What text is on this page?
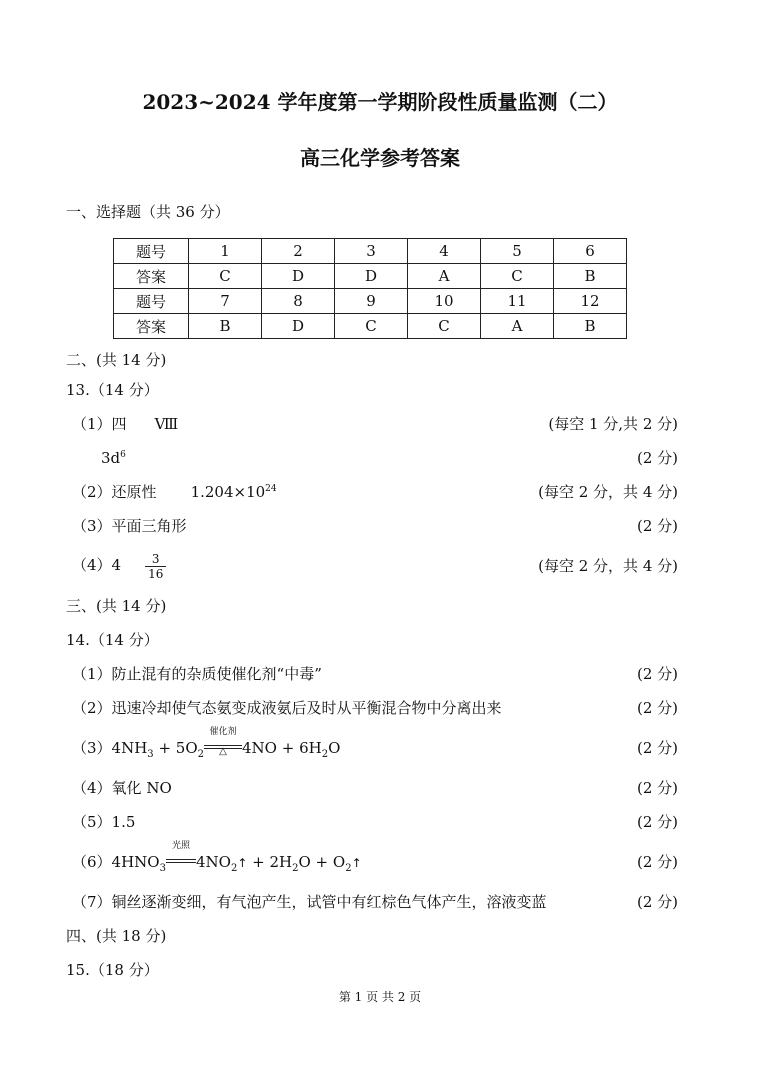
2023~2024 学年度第一学期阶段性质量监测（二）
高三化学参考答案
一、选择题（共 36 分）
题号	1	2	3	4	5	6
答案	C	D	D	A	C	B
题号	7	8	9	10	11	12
答案	B	D	C	C	A	B
二、(共 14 分)
13.（14 分）
（1）四 Ⅷ	(每空 1 分,共 2 分)
$3d^6$	(2 分)
（2）还原性 $1.204\times 10^{24}$	(每空 2 分，共 4 分)
（3）平面三角形	(2 分)
$(4)4 \frac{3}{16}$	(每空 2 分，共 4 分)
三、(共 14 分)
14.（14 分）
（1）防止混有的杂质使催化剂“中毒”	(2 分)
（2）迅速冷却使气态氨变成液氨后及时从平衡混合物中分离出来	(2 分)
$(3)4NH_3 + 5O_2$
催化剂
△	$4NO + 6H_2O$	(2 分)
（4）氧化 NO	(2 分)
（5）1.5	(2 分)
$(6)4HNO_3$
光照
$4NO_2↑ + 2H_2O$ + $O_2↑$	(2 分)
（7）铜丝逐渐变细，有气泡产生，试管中有红棕色气体产生，溶液变蓝	(2 分)
四、(共 18 分)
15.（18 分）
第 1 页 共 2 页
